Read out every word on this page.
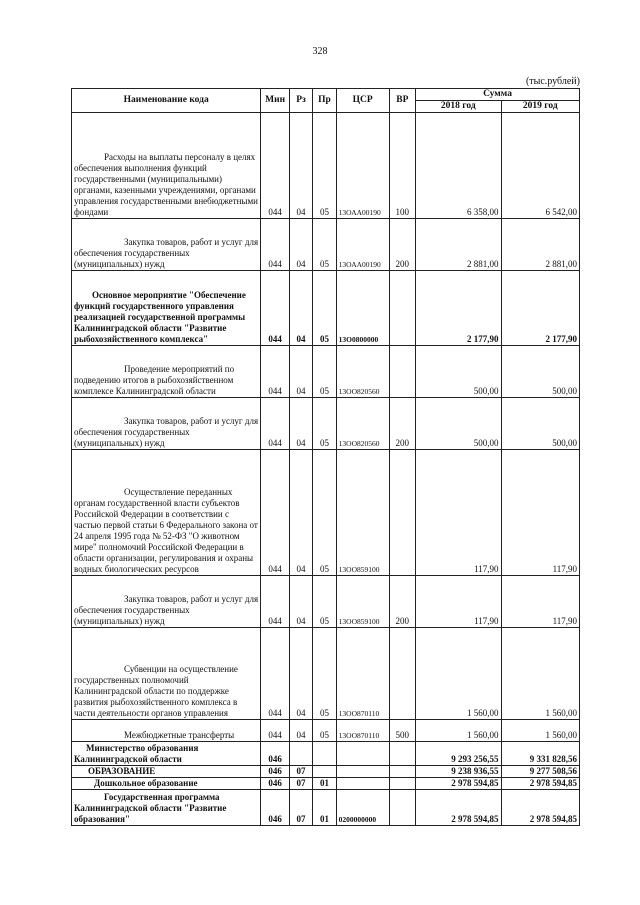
328
(тыс.рублей)
Наименование кода	Мин	Рз	Пр	ЦСР	ВР	Сумма	
						2018 год	2019 год

Расходы на выплаты персоналу в целях обеспечения выполнения функций государственными (муниципальными) органами, казенными учреждениями, органами управления государственными внебюджетными фондами	044	04	05	13ОАА00190	100	6 358,00	6 542,00

Закупка товаров, работ и услуг для обеспечения государственных (муниципальных) нужд	044	04	05	13ОАА00190	200	2 881,00	2 881,00

Основное мероприятие "Обеспечение функций государственного управления реализацией государственной программы Калининградской области "Развитие рыбохозяйственного комплекса"	044	04	05	13О0800000		2 177,90	2 177,90

Проведение мероприятий по подведению итогов в рыбохозяйственном комплексе Калининградской области	044	04	05	13ОО820560		500,00	500,00

Закупка товаров, работ и услуг для обеспечения государственных (муниципальных) нужд	044	04	05	13ОО820560	200	500,00	500,00

Осуществление переданных органам государственной власти субъектов Российской Федерации в соответствии с частью первой статьи 6 Федерального закона от 24 апреля 1995 года № 52-ФЗ "О животном мире" полномочий Российской Федерации в области организации, регулирования и охраны водных биологических ресурсов	044	04	05	13ОО859100		117,90	117,90

Закупка товаров, работ и услуг для обеспечения государственных (муниципальных) нужд	044	04	05	13ОО859100	200	117,90	117,90

Субвенции на осуществление государственных полномочий Калининградской области по поддержке развития рыбохозяйственного комплекса в части деятельности органов управления	044	04	05	13ОО870110		1 560,00	1 560,00

Межбюджетные трансферты	044	04	05	13ОО870110	500	1 560,00	1 560,00

Министерство образования Калининградской области	046					9 293 256,55	9 331 828,56

ОБРАЗОВАНИЕ	046	07				9 238 936,55	9 277 508,56

Дошкольное образование	046	07	01			2 978 594,85	2 978 594,85

Государственная программа Калининградской области "Развитие образования"	046	07	01	0200000000		2 978 594,85	2 978 594,85
